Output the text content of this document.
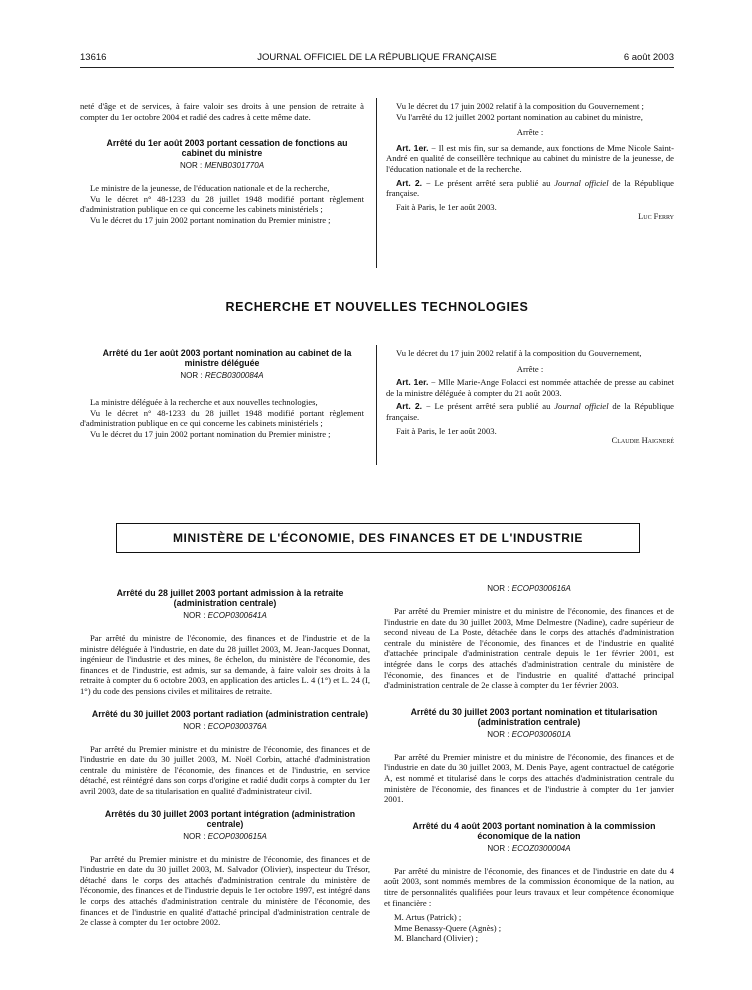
13616	JOURNAL OFFICIEL DE LA RÉPUBLIQUE FRANÇAISE	6 août 2003

neté d'âge et de services, à faire valoir ses droits à une pension de retraite à compter du 1er octobre 2004 et radié des cadres à cette même date.

Arrêté du 1er août 2003 portant cessation de fonctions au cabinet du ministre

NOR : MENB0301770A

Le ministre de la jeunesse, de l'éducation nationale et de la recherche,

Vu le décret n° 48-1233 du 28 juillet 1948 modifié portant règlement d'administration publique en ce qui concerne les cabinets ministériels ;

Vu le décret du 17 juin 2002 portant nomination du Premier ministre ;

Vu le décret du 17 juin 2002 relatif à la composition du Gouvernement ;

Vu l'arrêté du 12 juillet 2002 portant nomination au cabinet du ministre,

Arrête :

Art. 1er. − Il est mis fin, sur sa demande, aux fonctions de Mme Nicole Saint-André en qualité de conseillère technique au cabinet du ministre de la jeunesse, de l'éducation nationale et de la recherche.

Art. 2. − Le présent arrêté sera publié au Journal officiel de la République française.

Fait à Paris, le 1er août 2003.

Luc Ferry

RECHERCHE ET NOUVELLES TECHNOLOGIES

Arrêté du 1er août 2003 portant nomination au cabinet de la ministre déléguée

NOR : RECB0300084A

La ministre déléguée à la recherche et aux nouvelles technologies,

Vu le décret n° 48-1233 du 28 juillet 1948 modifié portant règlement d'administration publique en ce qui concerne les cabinets ministériels ;

Vu le décret du 17 juin 2002 portant nomination du Premier ministre ;

Vu le décret du 17 juin 2002 relatif à la composition du Gouvernement,

Arrête :

Art. 1er. − Mlle Marie-Ange Folacci est nommée attachée de presse au cabinet de la ministre déléguée à compter du 21 août 2003.

Art. 2. − Le présent arrêté sera publié au Journal officiel de la République française.

Fait à Paris, le 1er août 2003.

Claudie Haigneré

MINISTÈRE DE L'ÉCONOMIE, DES FINANCES ET DE L'INDUSTRIE

Arrêté du 28 juillet 2003 portant admission à la retraite (administration centrale)

NOR : ECOP0300641A

Par arrêté du ministre de l'économie, des finances et de l'industrie et de la ministre déléguée à l'industrie, en date du 28 juillet 2003, M. Jean-Jacques Donnat, ingénieur de l'industrie et des mines, 8e échelon, du ministère de l'économie, des finances et de l'industrie, est admis, sur sa demande, à faire valoir ses droits à la retraite à compter du 6 octobre 2003, en application des articles L. 4 (1°) et L. 24 (I, 1°) du code des pensions civiles et militaires de retraite.

Arrêté du 30 juillet 2003 portant radiation (administration centrale)

NOR : ECOP0300376A

Par arrêté du Premier ministre et du ministre de l'économie, des finances et de l'industrie en date du 30 juillet 2003, M. Noël Corbin, attaché d'administration centrale du ministère de l'économie, des finances et de l'industrie, en service détaché, est réintégré dans son corps d'origine et radié dudit corps à compter du 1er avril 2003, date de sa titularisation en qualité d'administrateur civil.

Arrêtés du 30 juillet 2003 portant intégration (administration centrale)

NOR : ECOP0300615A

Par arrêté du Premier ministre et du ministre de l'économie, des finances et de l'industrie en date du 30 juillet 2003, M. Salvador (Olivier), inspecteur du Trésor, détaché dans le corps des attachés d'administration centrale du ministère de l'économie, des finances et de l'industrie depuis le 1er octobre 1997, est intégré dans le corps des attachés d'administration centrale du ministère de l'économie, des finances et de l'industrie en qualité d'attaché principal d'administration centrale de 2e classe à compter du 1er octobre 2002.

NOR : ECOP0300616A

Par arrêté du Premier ministre et du ministre de l'économie, des finances et de l'industrie en date du 30 juillet 2003, Mme Delmestre (Nadine), cadre supérieur de second niveau de La Poste, détachée dans le corps des attachés d'administration centrale du ministère de l'économie, des finances et de l'industrie en qualité d'attachée principale d'administration centrale depuis le 1er février 2001, est intégrée dans le corps des attachés d'administration centrale du ministère de l'économie, des finances et de l'industrie en qualité d'attaché principal d'administration centrale de 2e classe à compter du 1er février 2003.

Arrêté du 30 juillet 2003 portant nomination et titularisation (administration centrale)

NOR : ECOP0300601A

Par arrêté du Premier ministre et du ministre de l'économie, des finances et de l'industrie en date du 30 juillet 2003, M. Denis Paye, agent contractuel de catégorie A, est nommé et titularisé dans le corps des attachés d'administration centrale du ministère de l'économie, des finances et de l'industrie à compter du 1er janvier 2001.

Arrêté du 4 août 2003 portant nomination à la commission économique de la nation

NOR : ECOZ0300004A

Par arrêté du ministre de l'économie, des finances et de l'industrie en date du 4 août 2003, sont nommés membres de la commission économique de la nation, au titre de personnalités qualifiées pour leurs travaux et leur compétence économique et financière :

M. Artus (Patrick) ;

Mme Benassy-Quere (Agnès) ;

M. Blanchard (Olivier) ;
